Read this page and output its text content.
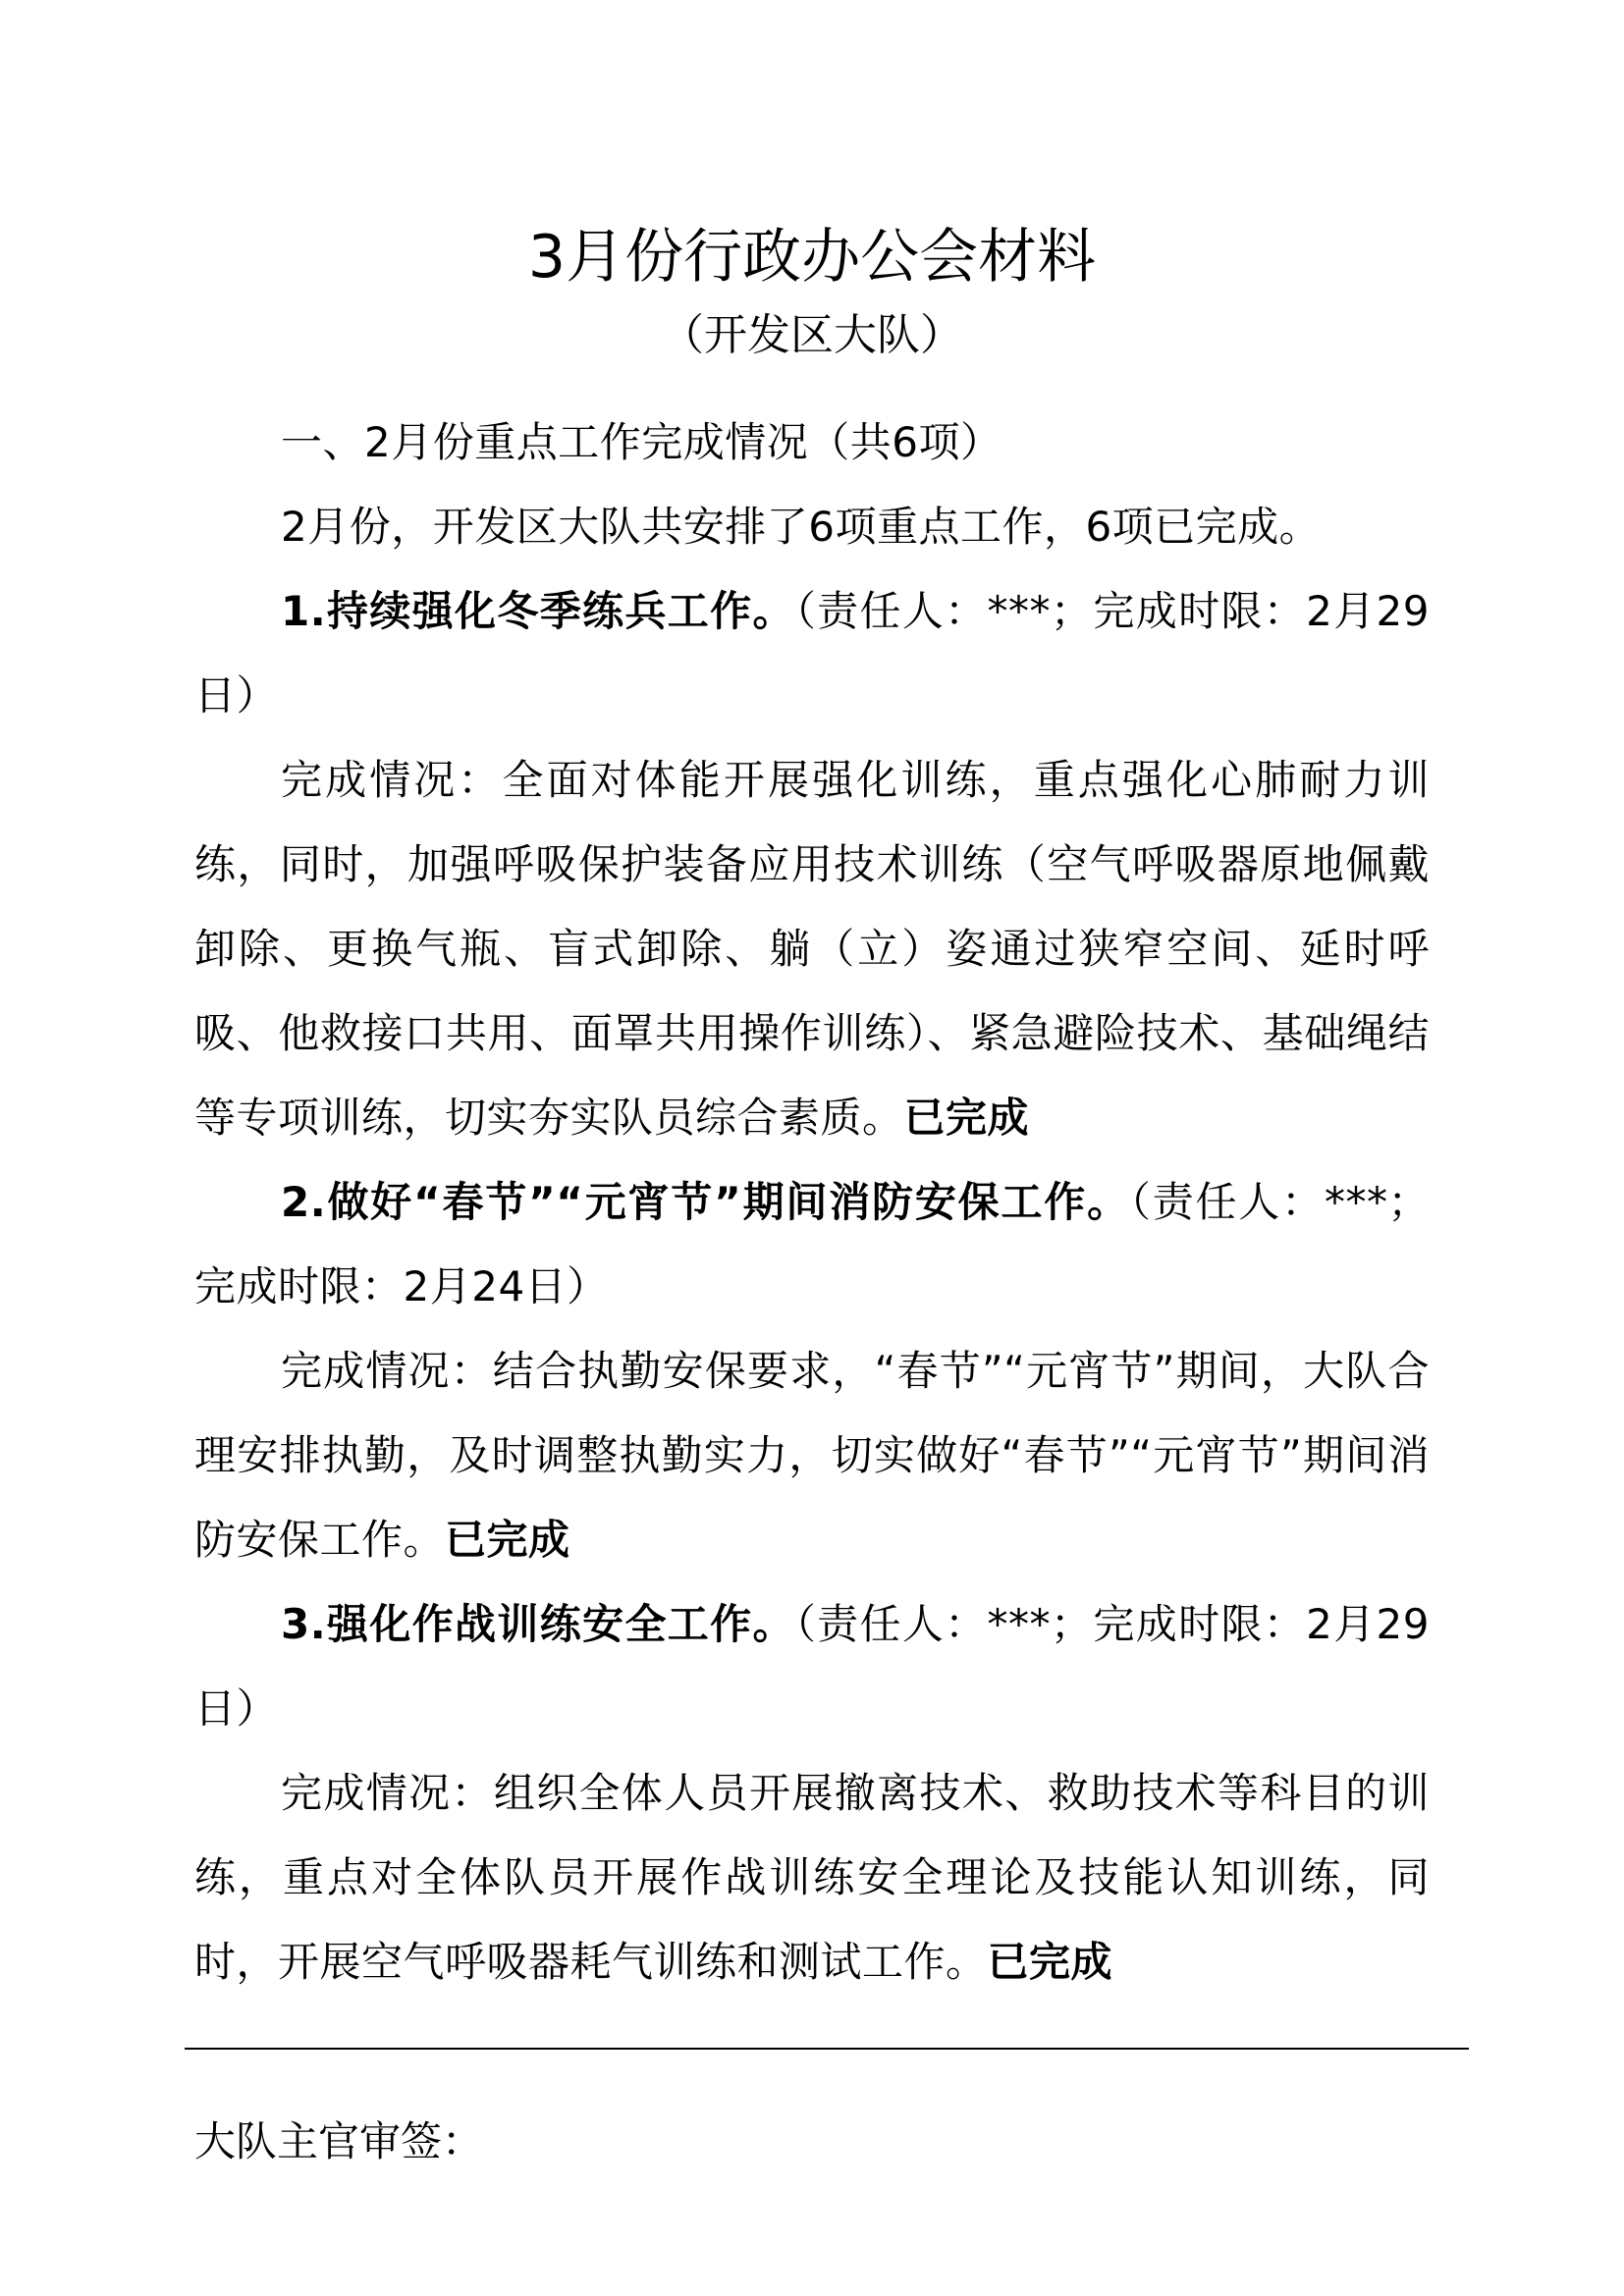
3月份行政办公会材料
（开发区大队）

一、2月份重点工作完成情况（共6项）

2月份，开发区大队共安排了6项重点工作，6项已完成。

1.持续强化冬季练兵工作。（责任人：***；完成时限：2月29日）

完成情况：全面对体能开展强化训练，重点强化心肺耐力训练，同时，加强呼吸保护装备应用技术训练（空气呼吸器原地佩戴卸除、更换气瓶、盲式卸除、躺（立）姿通过狭窄空间、延时呼吸、他救接口共用、面罩共用操作训练）、紧急避险技术、基础绳结等专项训练，切实夯实队员综合素质。已完成

2.做好“春节”“元宵节”期间消防安保工作。（责任人：***；完成时限：2月24日）

完成情况：结合执勤安保要求，“春节”“元宵节”期间，大队合理安排执勤，及时调整执勤实力，切实做好“春节”“元宵节”期间消防安保工作。已完成

3.强化作战训练安全工作。（责任人：***；完成时限：2月29日）

完成情况：组织全体人员开展撤离技术、救助技术等科目的训练，重点对全体队员开展作战训练安全理论及技能认知训练，同时，开展空气呼吸器耗气训练和测试工作。已完成

大队主官审签：
